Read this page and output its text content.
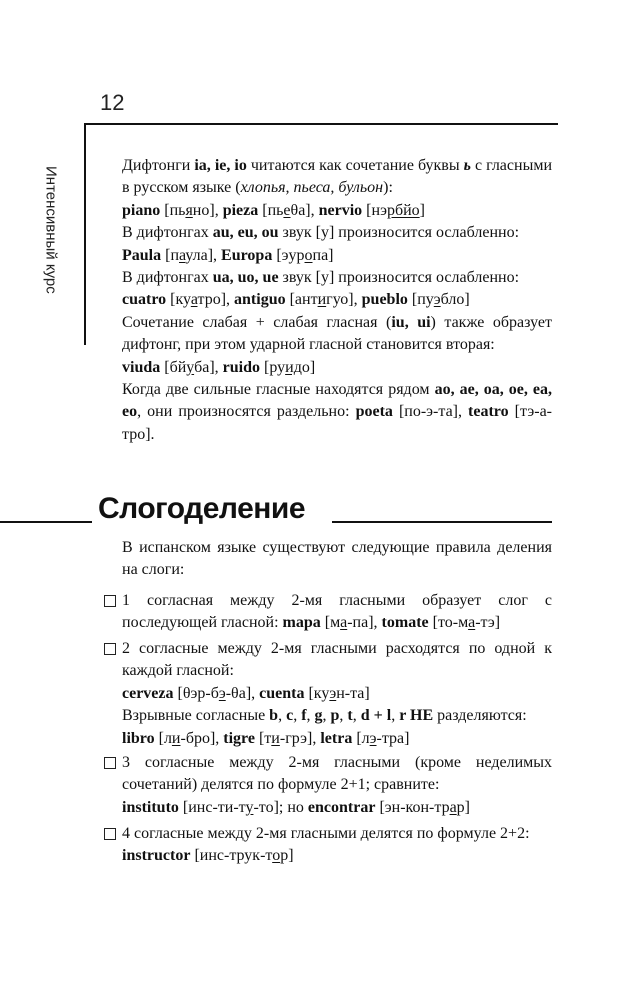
12
Интенсивный курс

Дифтонги ia, ie, io читаются как сочетание буквы ь с гласными в русском языке (хлопья, пьеса, бульон):

piano [пьяно], pieza [пьеθа], nervio [нэрбйо]

В дифтонгах au, eu, ou звук [у] произносится ослабленно:

Paula [паула], Europa [эуропа]

В дифтонгах ua, uo, ue звук [у] произносится ослабленно:

cuatro [куатро], antiguo [антигуо], pueblo [пуэбло]

Сочетание слабая + слабая гласная (iu, ui) также образует дифтонг, при этом ударной гласной становится вторая:

viuda [бйуба], ruido [руидо]

Когда две сильные гласные находятся рядом ao, ae, oa, oe, ea, eo, они произносятся раздельно: poeta [по-э-та], teatro [тэ-а-тро].

Слогоделение

В испанском языке существуют следующие правила деления на слоги:

1 согласная между 2-мя гласными образует слог с последующей гласной: mapa [ма-па], tomate [то-ма-тэ]

2 согласные между 2-мя гласными расходятся по одной к каждой гласной:

cerveza [θэр-бэ-θа], cuenta [куэн-та]

Взрывные согласные b, c, f, g, p, t, d + l, r НЕ разделяются:

libro [ли-бро], tigre [ти-грэ], letra [лэ-тра]

3 согласные между 2-мя гласными (кроме неделимых сочетаний) делятся по формуле 2+1; сравните:

instituto [инс-ти-ту-то]; но encontrar [эн-кон-трар]

4 согласные между 2-мя гласными делятся по формуле 2+2:

instructor [инс-трук-тор]
